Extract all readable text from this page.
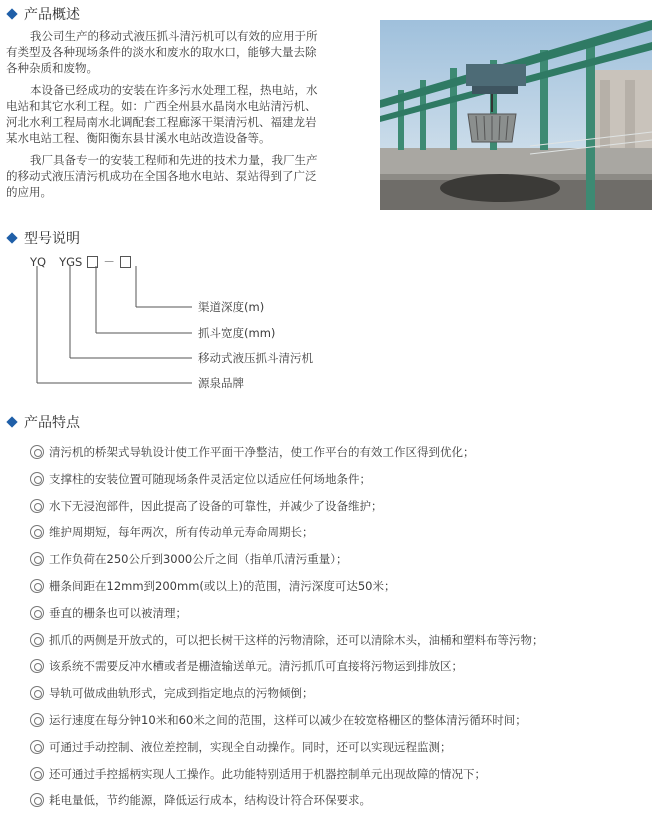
产品概述
我公司生产的移动式液压抓斗清污机可以有效的应用于所
有类型及各种现场条件的淡水和废水的取水口，能够大量去除
各种杂质和废物。
本设备已经成功的安装在许多污水处理工程，热电站，水
电站和其它水利工程。如：广西全州县水晶岗水电站清污机、
河北水利工程局南水北调配套工程廊涿干渠清污机、福建龙岩
某水电站工程、衡阳衡东县甘溪水电站改造设备等。
我厂具备专一的安装工程师和先进的技术力量，我厂生产
的移动式液压清污机成功在全国各地水电站、泵站得到了广泛
的应用。
型号说明
YQ YGS －
渠道深度(m)
抓斗宽度(mm)
移动式液压抓斗清污机
源泉品牌
产品特点
清污机的桥架式导轨设计使工作平面干净整洁，使工作平台的有效工作区得到优化；
支撑柱的安装位置可随现场条件灵活定位以适应任何场地条件；
水下无浸泡部件，因此提高了设备的可靠性，并减少了设备维护；
维护周期短，每年两次，所有传动单元寿命周期长；
工作负荷在250公斤到3000公斤之间（指单爪清污重量）；
栅条间距在12mm到200mm(或以上)的范围，清污深度可达50米；
垂直的栅条也可以被清理；
抓爪的两侧是开放式的，可以把长树干这样的污物清除，还可以清除木头，油桶和塑料布等污物；
该系统不需要反冲水槽或者是栅渣输送单元。清污抓爪可直接将污物运到排放区；
导轨可做成曲轨形式，完成到指定地点的污物倾倒；
运行速度在每分钟10米和60米之间的范围，这样可以减少在较宽格栅区的整体清污循环时间；
可通过手动控制、液位差控制，实现全自动操作。同时，还可以实现远程监测；
还可通过手控摇柄实现人工操作。此功能特别适用于机器控制单元出现故障的情况下；
耗电量低，节约能源，降低运行成本，结构设计符合环保要求。
